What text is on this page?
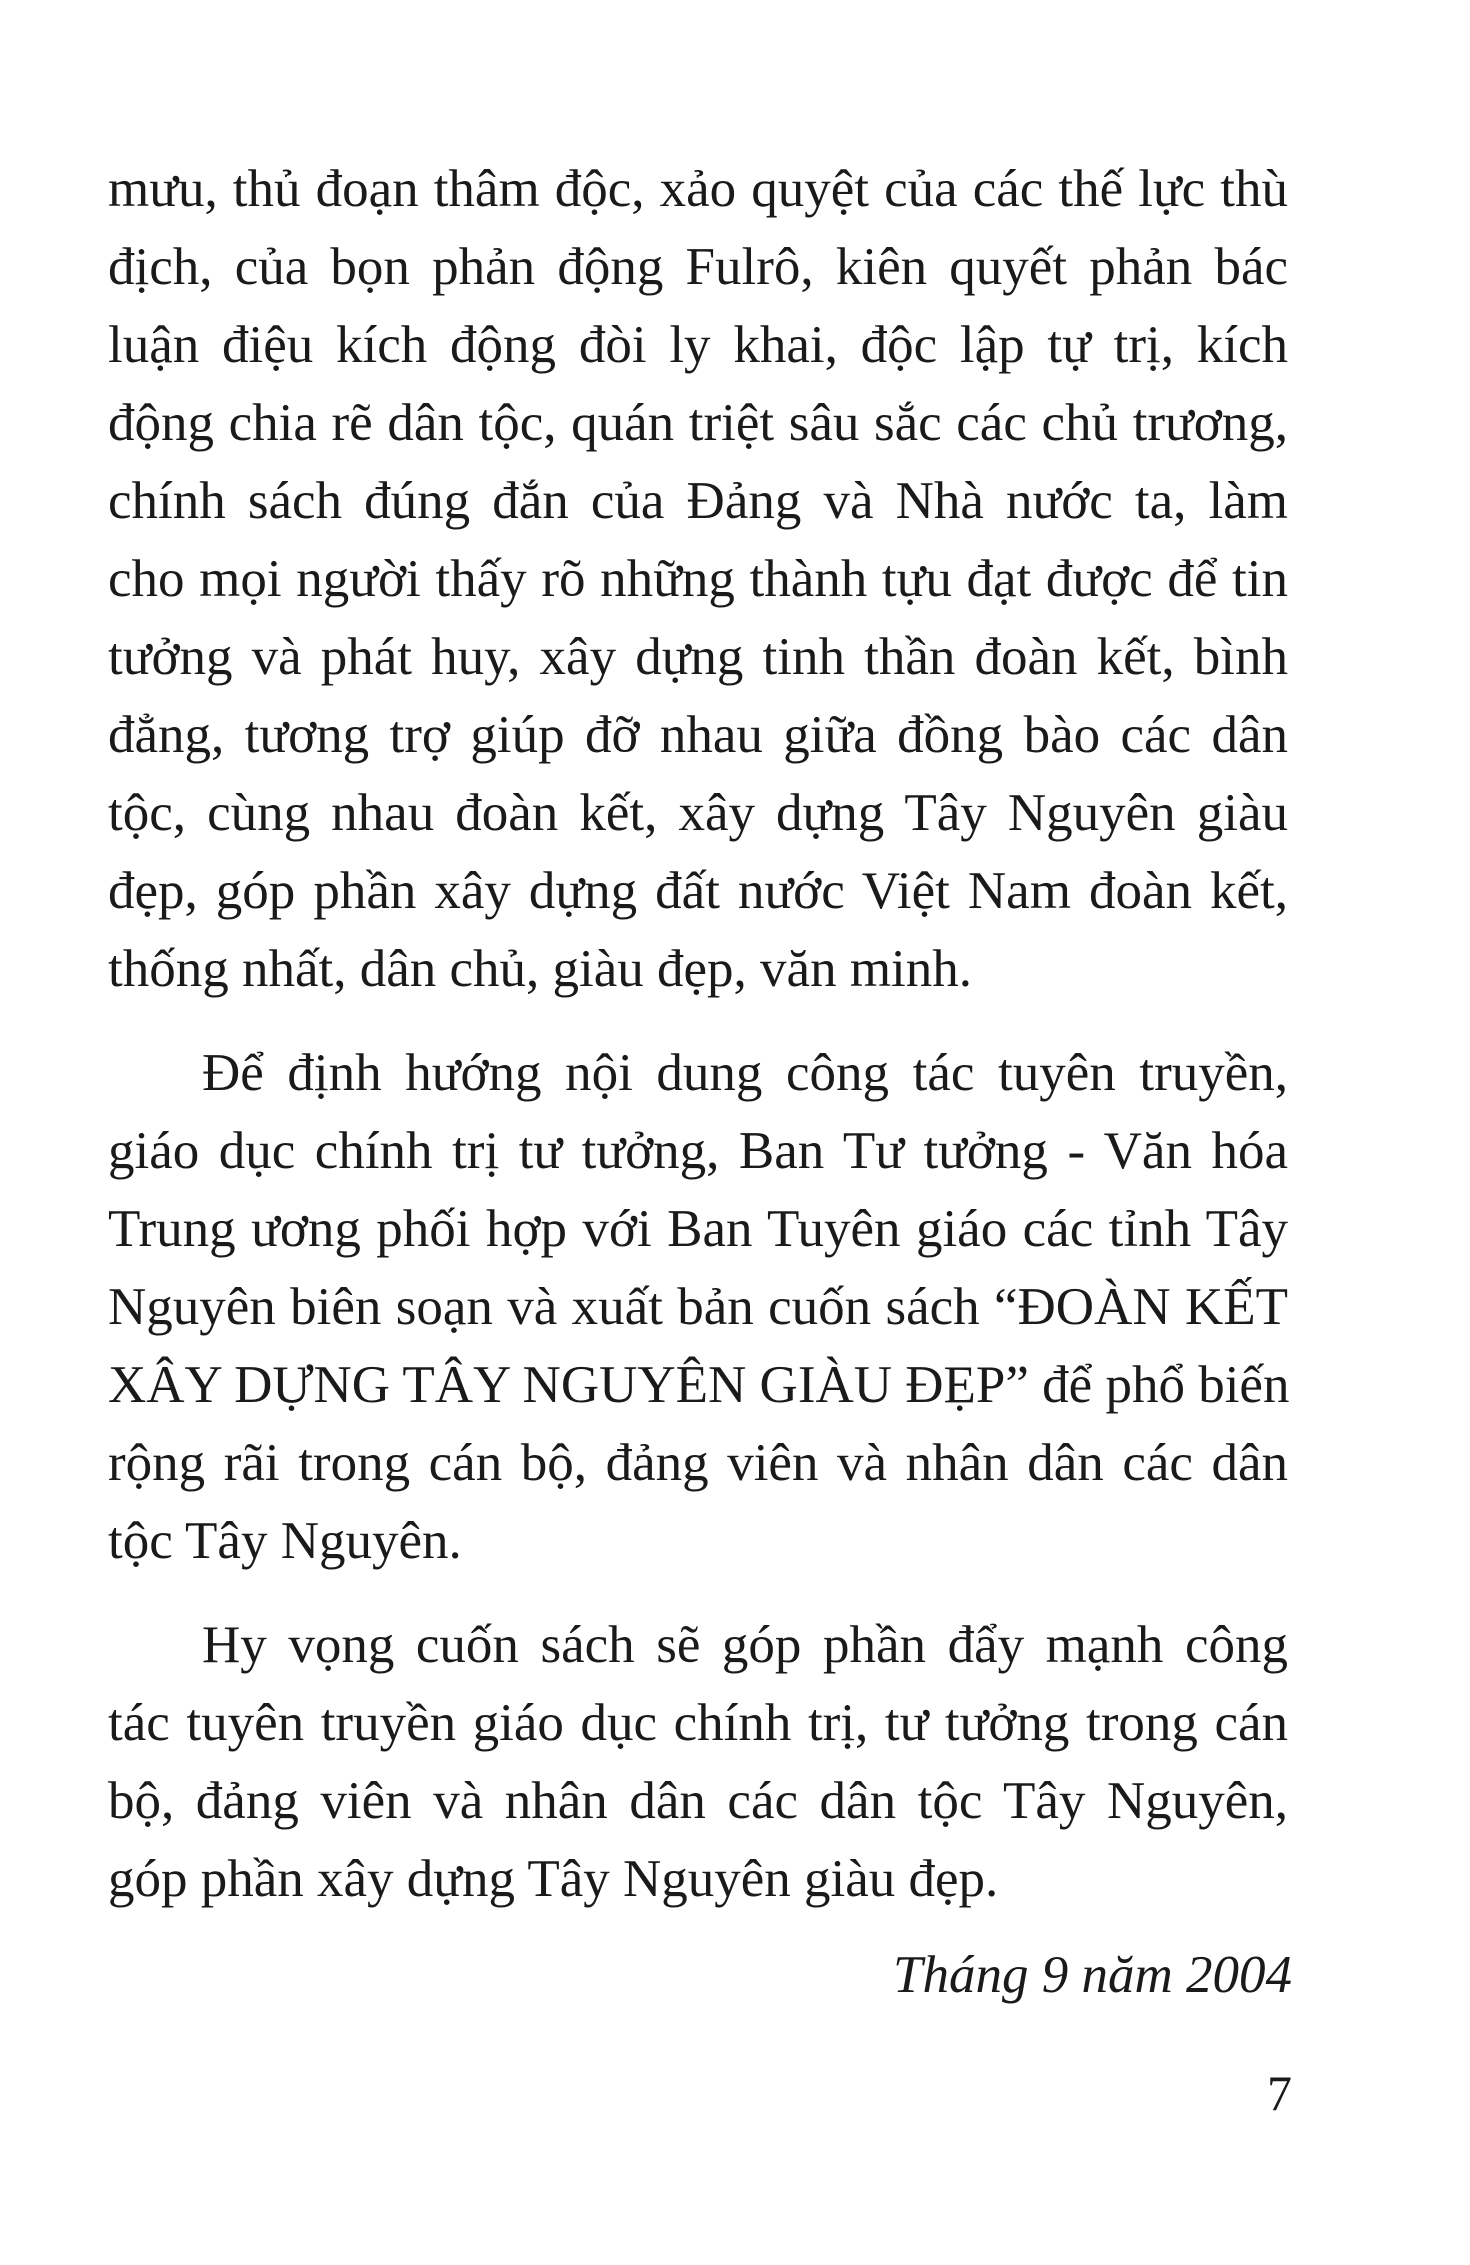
mưu, thủ đoạn thâm độc, xảo quyệt của các thế lực thù
địch, của bọn phản động Fulrô, kiên quyết phản bác
luận điệu kích động đòi ly khai, độc lập tự trị, kích
động chia rẽ dân tộc, quán triệt sâu sắc các chủ trương,
chính sách đúng đắn của Đảng và Nhà nước ta, làm
cho mọi người thấy rõ những thành tựu đạt được để tin
tưởng và phát huy, xây dựng tinh thần đoàn kết, bình
đẳng, tương trợ giúp đỡ nhau giữa đồng bào các dân
tộc, cùng nhau đoàn kết, xây dựng Tây Nguyên giàu
đẹp, góp phần xây dựng đất nước Việt Nam đoàn kết,
thống nhất, dân chủ, giàu đẹp, văn minh.
Để định hướng nội dung công tác tuyên truyền,
giáo dục chính trị tư tưởng, Ban Tư tưởng - Văn hóa
Trung ương phối hợp với Ban Tuyên giáo các tỉnh Tây
Nguyên biên soạn và xuất bản cuốn sách “ĐOÀN KẾT
XÂY DỰNG TÂY NGUYÊN GIÀU ĐẸP” để phổ biến
rộng rãi trong cán bộ, đảng viên và nhân dân các dân
tộc Tây Nguyên.
Hy vọng cuốn sách sẽ góp phần đẩy mạnh công
tác tuyên truyền giáo dục chính trị, tư tưởng trong cán
bộ, đảng viên và nhân dân các dân tộc Tây Nguyên,
góp phần xây dựng Tây Nguyên giàu đẹp.
Tháng 9 năm 2004
7
